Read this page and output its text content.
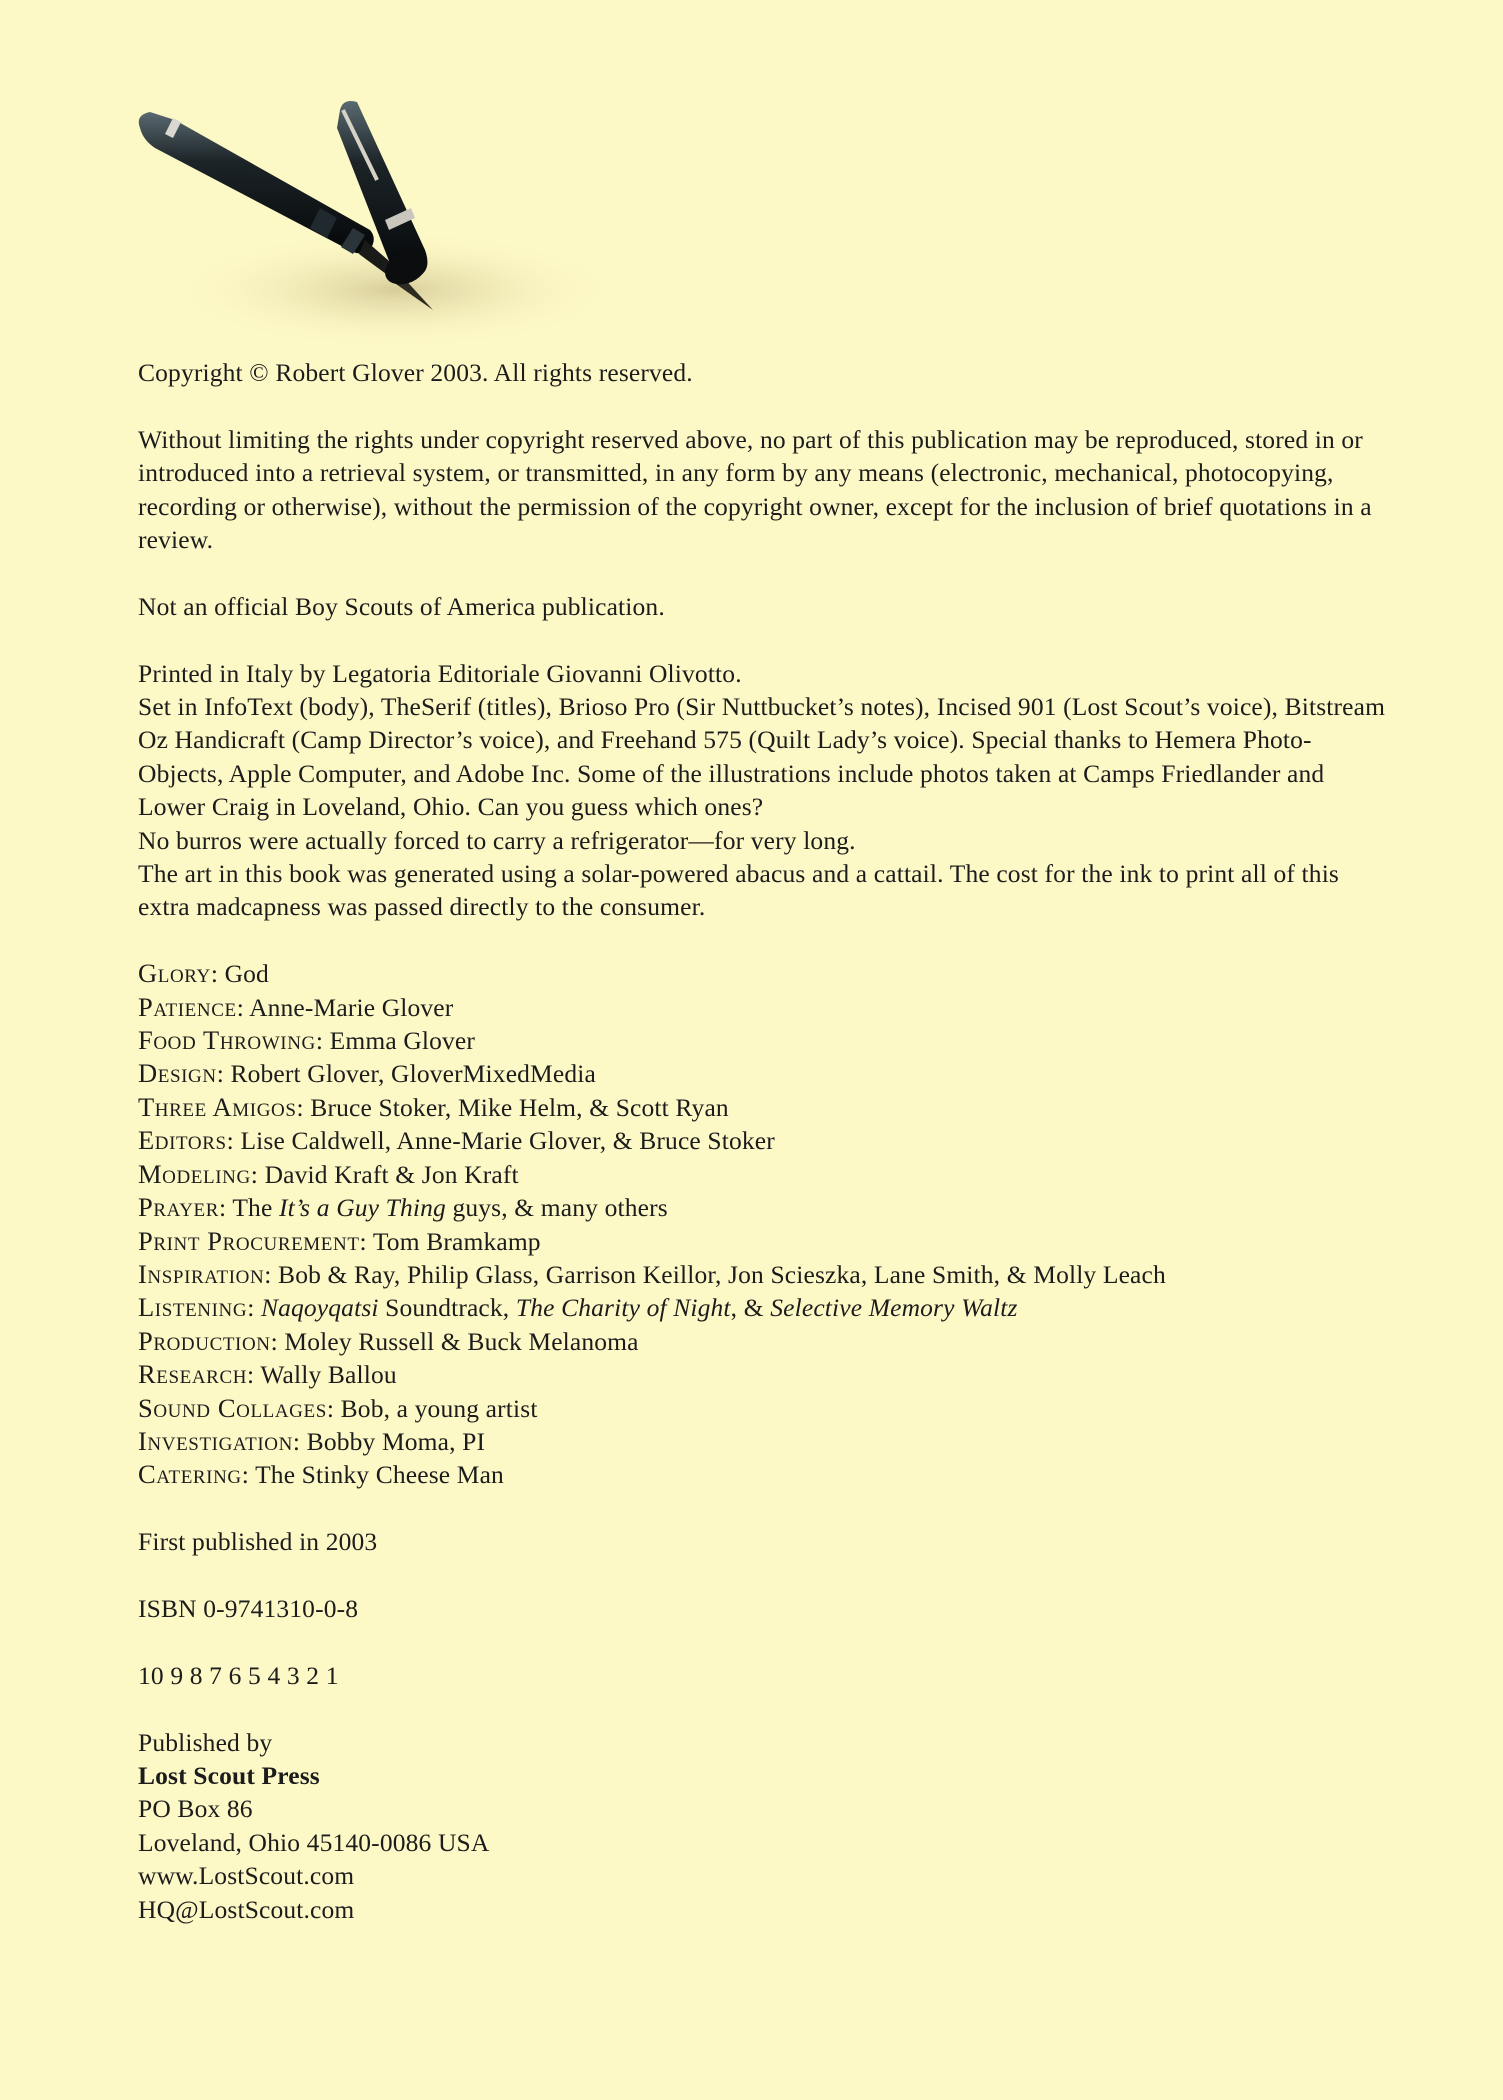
Copyright © Robert Glover 2003. All rights reserved.

Without limiting the rights under copyright reserved above, no part of this publication may be reproduced, stored in or introduced into a retrieval system, or transmitted, in any form by any means (electronic, mechanical, photocopying, recording or otherwise), without the permission of the copyright owner, except for the inclusion of brief quotations in a review.

Not an official Boy Scouts of America publication.

Printed in Italy by Legatoria Editoriale Giovanni Olivotto.

Set in InfoText (body), TheSerif (titles), Brioso Pro (Sir Nuttbucket’s notes), Incised 901 (Lost Scout’s voice), Bitstream Oz Handicraft (Camp Director’s voice), and Freehand 575 (Quilt Lady’s voice). Special thanks to Hemera Photo-Objects, Apple Computer, and Adobe Inc. Some of the illustrations include photos taken at Camps Friedlander and Lower Craig in Loveland, Ohio. Can you guess which ones?

No burros were actually forced to carry a refrigerator—for very long.

The art in this book was generated using a solar-powered abacus and a cattail. The cost for the ink to print all of this extra madcapness was passed directly to the consumer.

Glory: God

Patience: Anne-Marie Glover

Food Throwing: Emma Glover

Design: Robert Glover, GloverMixedMedia

Three Amigos: Bruce Stoker, Mike Helm, & Scott Ryan

Editors: Lise Caldwell, Anne-Marie Glover, & Bruce Stoker

Modeling: David Kraft & Jon Kraft

Prayer: The It’s a Guy Thing guys, & many others

Print Procurement: Tom Bramkamp

Inspiration: Bob & Ray, Philip Glass, Garrison Keillor, Jon Scieszka, Lane Smith, & Molly Leach

Listening: Naqoyqatsi Soundtrack, The Charity of Night, & Selective Memory Waltz

Production: Moley Russell & Buck Melanoma

Research: Wally Ballou

Sound Collages: Bob, a young artist

Investigation: Bobby Moma, PI

Catering: The Stinky Cheese Man

First published in 2003

ISBN 0-9741310-0-8

10 9 8 7 6 5 4 3 2 1

Published by

Lost Scout Press

PO Box 86

Loveland, Ohio 45140-0086 USA

www.LostScout.com

HQ@LostScout.com
